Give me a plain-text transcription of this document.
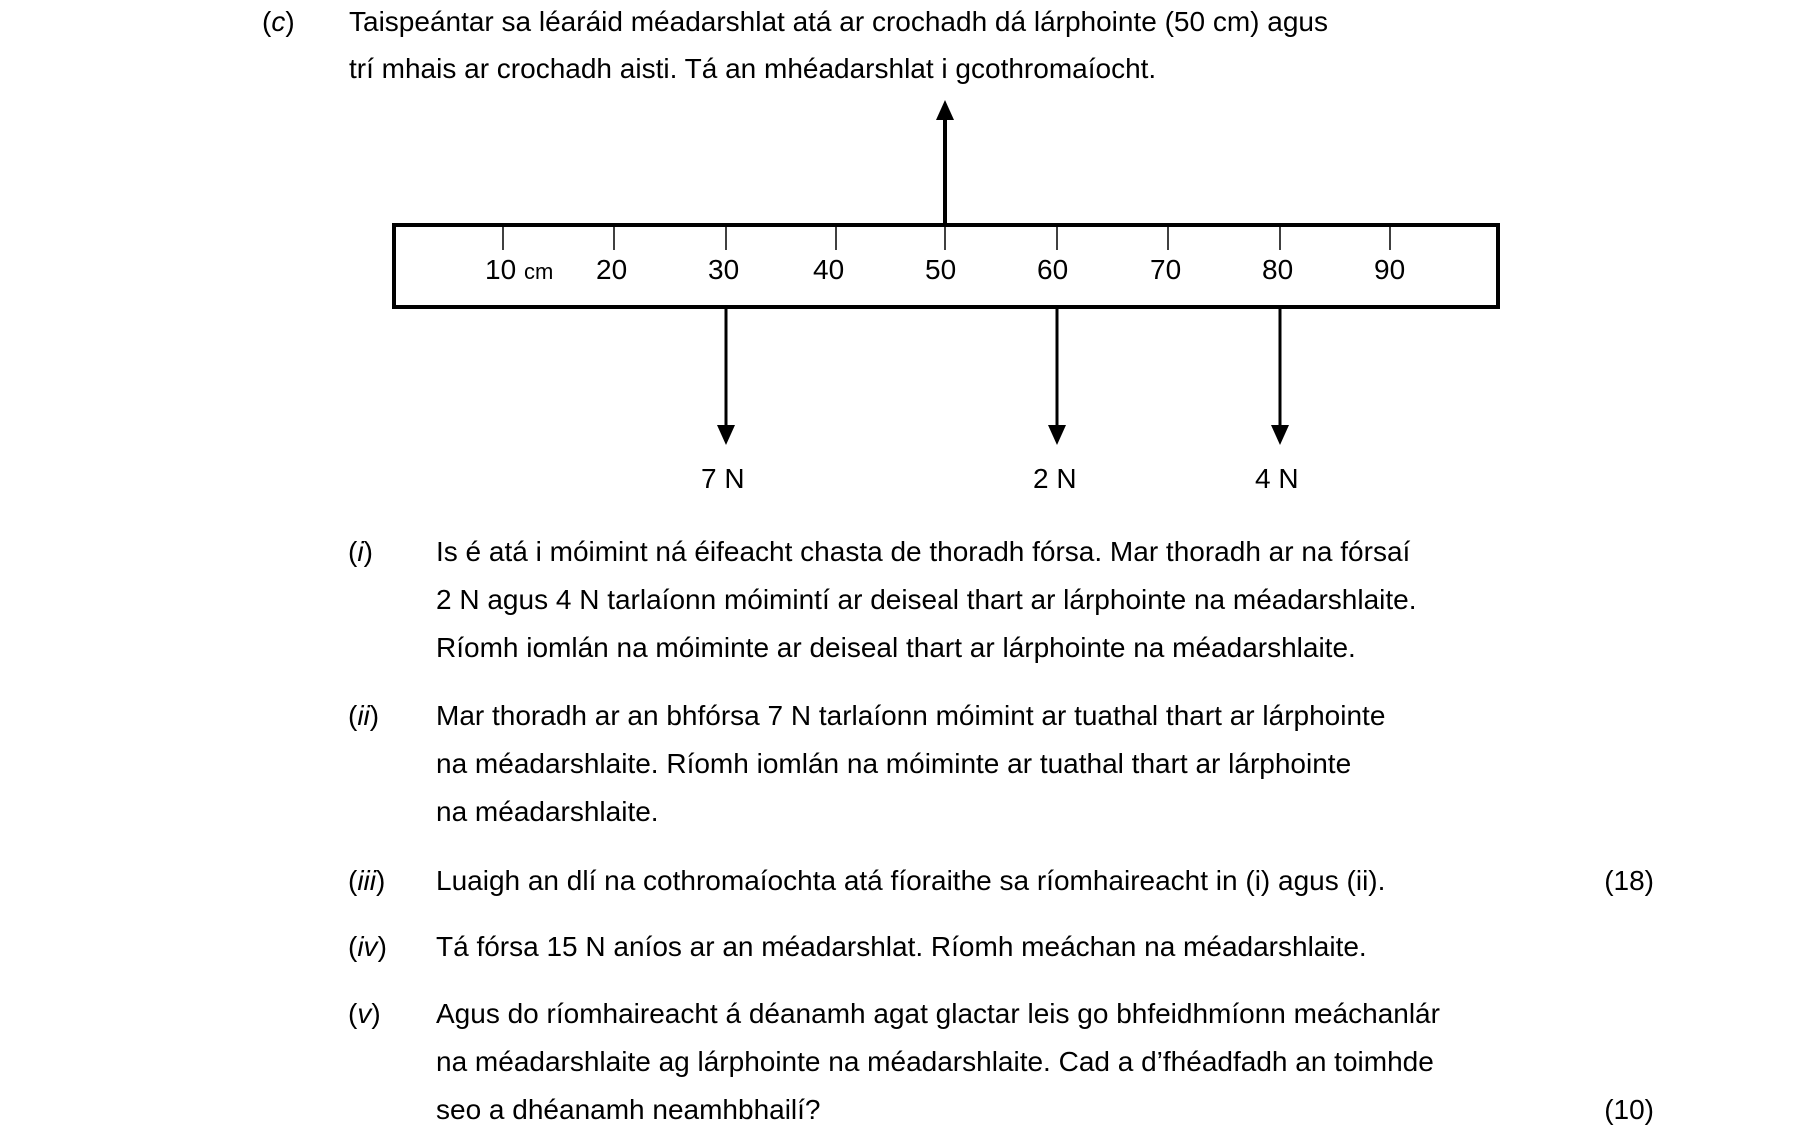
(c) Taispeántar sa léaráid méadarshlat atá ar crochadh dá lárphointe (50 cm) agus
trí mhais ar crochadh aisti. Tá an mhéadarshlat i gcothromaíocht.
10 cm 20	30	40	50	60	70	80	90
7 N	2 N	4 N
(i) Is é atá i móimint ná éifeacht chasta de thoradh fórsa. Mar thoradh ar na fórsaí
2 N agus 4 N tarlaíonn móimintí ar deiseal thart ar lárphointe na méadarshlaite.
Ríomh iomlán na móiminte ar deiseal thart ar lárphointe na méadarshlaite.
(ii) Mar thoradh ar an bhfórsa 7 N tarlaíonn móimint ar tuathal thart ar lárphointe
na méadarshlaite. Ríomh iomlán na móiminte ar tuathal thart ar lárphointe
na méadarshlaite.
(iii) Luaigh an dlí na cothromaíochta atá fíoraithe sa ríomhaireacht in (i) agus (ii).	(18)
(iv) Tá fórsa 15 N aníos ar an méadarshlat. Ríomh meáchan na méadarshlaite.
(v) Agus do ríomhaireacht á déanamh agat glactar leis go bhfeidhmíonn meáchanlár
na méadarshlaite ag lárphointe na méadarshlaite. Cad a d’fhéadfadh an toimhde
seo a dhéanamh neamhbhailí?	(10)
